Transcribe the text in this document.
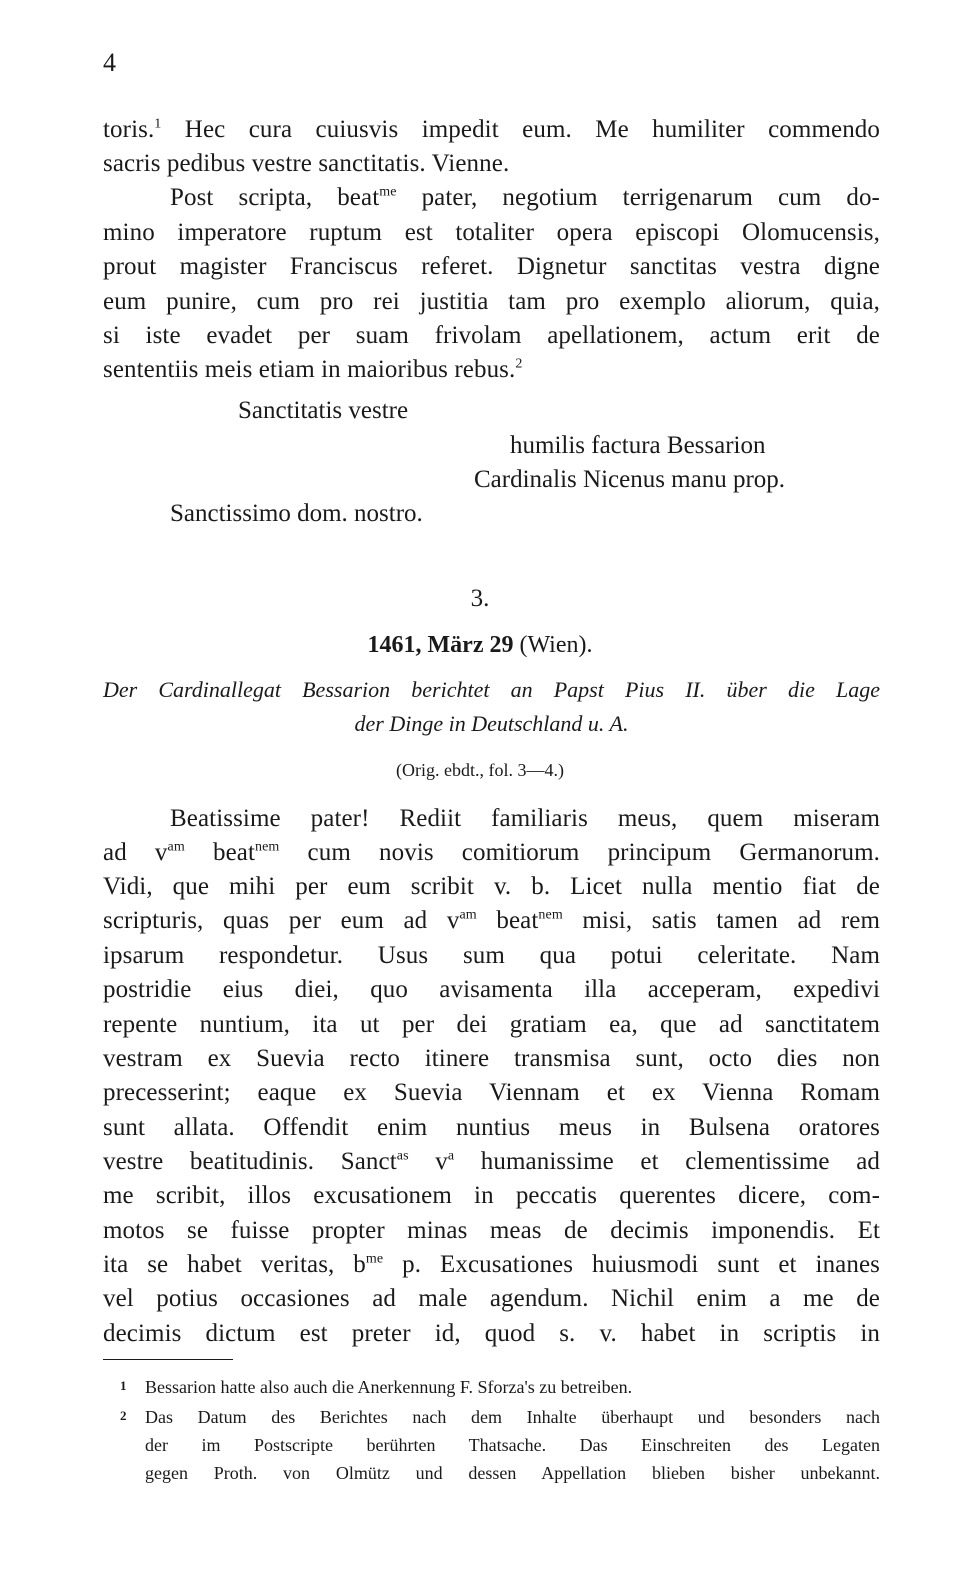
4
toris.$^1$ Hec cura cuiusvis impedit eum. Me humiliter commendo
sacris pedibus vestre sanctitatis. Vienne.
Post scripta, beat$^{me}$ pater, negotium terrigenarum cum do-
mino imperatore ruptum est totaliter opera episcopi Olomucensis,
prout magister Franciscus referet. Dignetur sanctitas vestra digne
eum punire, cum pro rei justitia tam pro exemplo aliorum, quia,
si iste evadet per suam frivolam apellationem, actum erit de
sententiis meis etiam in maioribus rebus.$^2$
Sanctitatis vestre
humilis factura Bessarion
Cardinalis Nicenus manu prop.
Sanctissimo dom. nostro.
3.
1461, März 29 (Wien).
Der Cardinallegat Bessarion berichtet an Papst Pius II. über die Lage
der Dinge in Deutschland u. A.
(Orig. ebdt., fol. 3—4.)
Beatissime pater! Rediit familiaris meus, quem miseram
ad $v^{am}$ beat$^{nem}$ cum novis comitiorum principum Germanorum.
Vidi, que mihi per eum scribit v. b. Licet nulla mentio fiat de
scripturis, quas per eum ad $v^{am}$ beat$^{nem}$ misi, satis tamen ad rem
ipsarum respondetur. Usus sum qua potui celeritate. Nam
postridie eius diei, quo avisamenta illa acceperam, expedivi
repente nuntium, ita ut per dei gratiam ea, que ad sanctitatem
vestram ex Suevia recto itinere transmisa sunt, octo dies non
precesserint; eaque ex Suevia Viennam et ex Vienna Romam
sunt allata. Offendit enim nuntius meus in Bulsena oratores
vestre beatitudinis. Sanct$^{as}$ $v^a$ humanissime et clementissime ad
me scribit, illos excusationem in peccatis querentes dicere, com-
motos se fuisse propter minas meas de decimis imponendis. Et
ita se habet veritas, $b^{me}$ p. Excusationes huiusmodi sunt et inanes
vel potius occasiones ad male agendum. Nichil enim a me de
decimis dictum est preter id, quod s. v. habet in scriptis in
1 Bessarion hatte also auch die Anerkennung F. Sforza's zu betreiben.
2 Das Datum des Berichtes nach dem Inhalte überhaupt und besonders nach
der im Postscripte berührten Thatsache. Das Einschreiten des Legaten
gegen Proth. von Olmütz und dessen Appellation blieben bisher unbekannt.
